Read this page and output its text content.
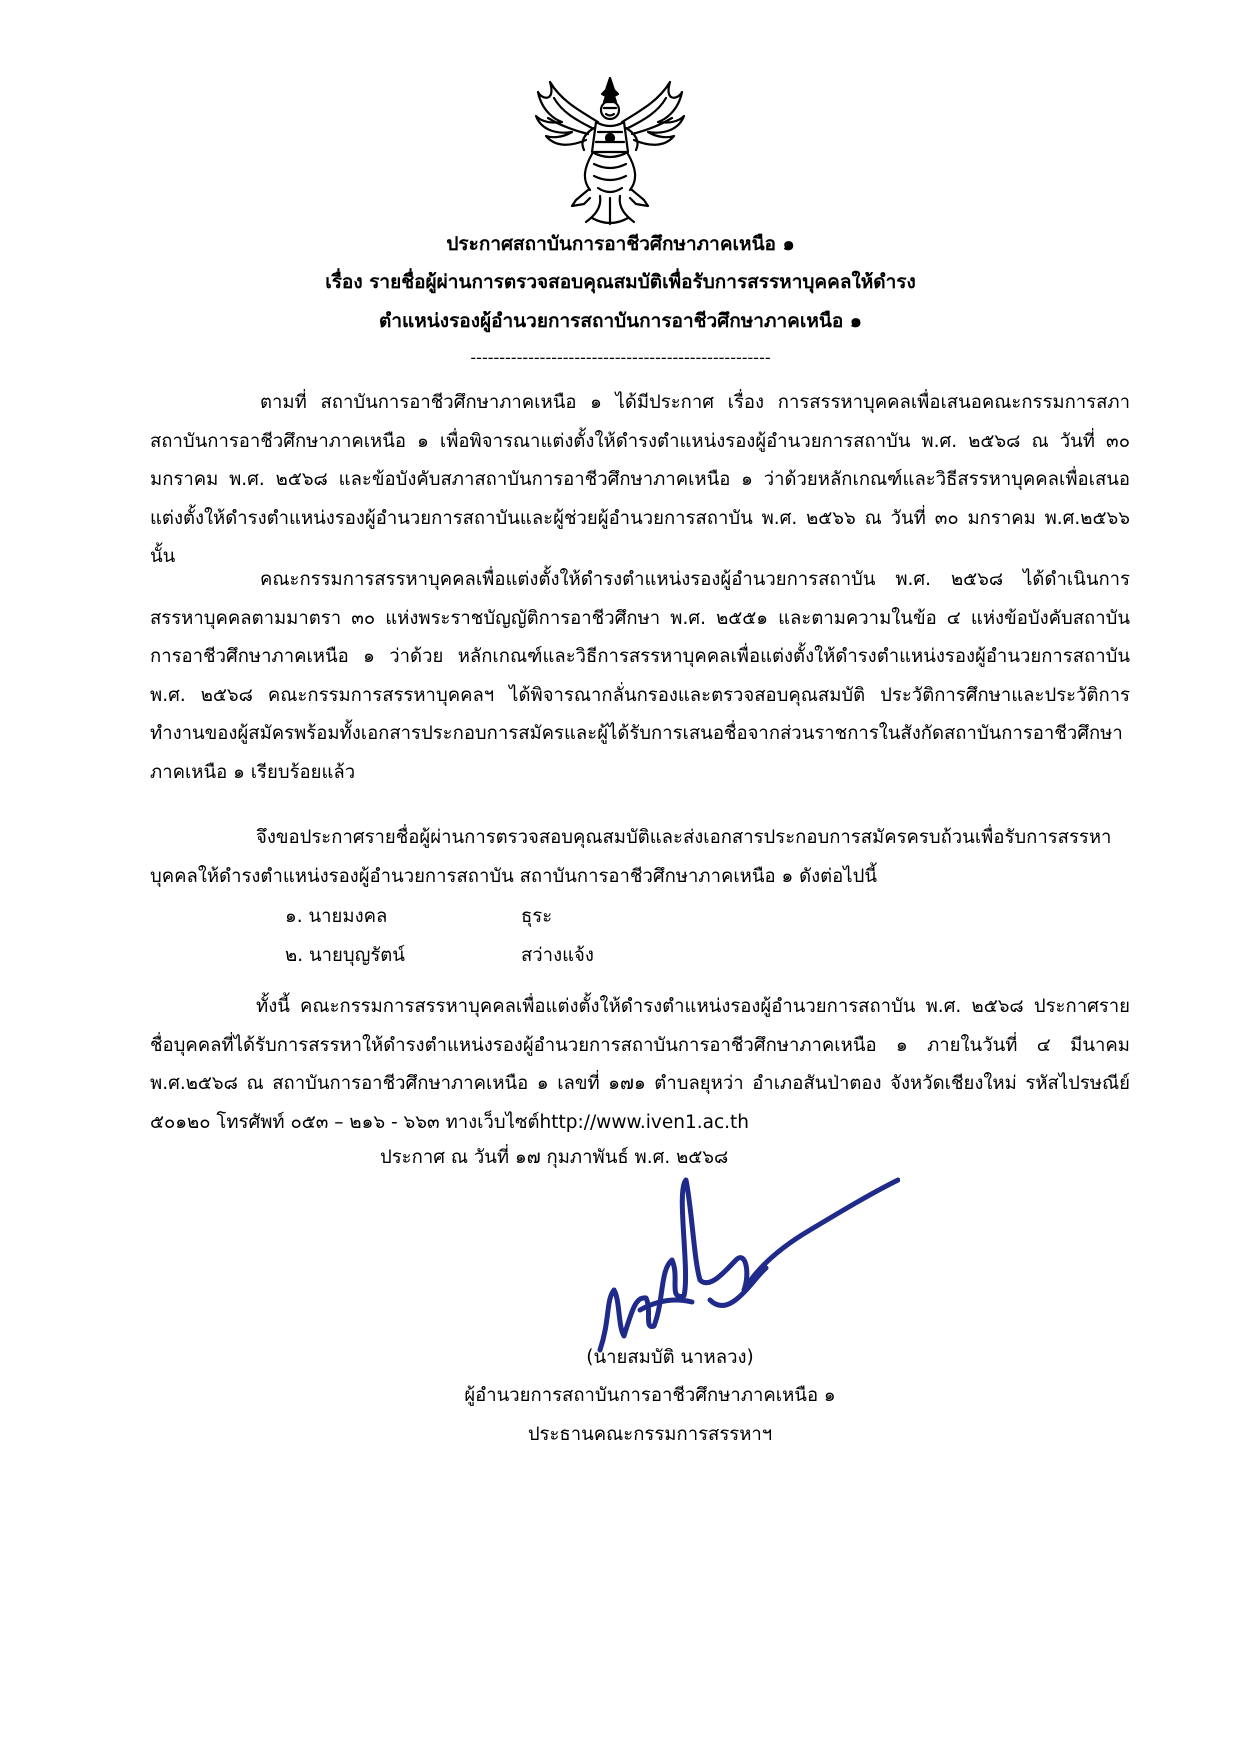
ประกาศสถาบันการอาชีวศึกษาภาคเหนือ ๑
เรื่อง รายชื่อผู้ผ่านการตรวจสอบคุณสมบัติเพื่อรับการสรรหาบุคคลให้ดำรง
ตำแหน่งรองผู้อำนวยการสถาบันการอาชีวศึกษาภาคเหนือ ๑
----------------------------------------------------
ตามที่ สถาบันการอาชีวศึกษาภาคเหนือ ๑ ได้มีประกาศ เรื่อง การสรรหาบุคคลเพื่อเสนอคณะกรรมการสภาสถาบันการอาชีวศึกษาภาคเหนือ ๑ เพื่อพิจารณาแต่งตั้งให้ดำรงตำแหน่งรองผู้อำนวยการสถาบัน พ.ศ. ๒๕๖๘ ณ วันที่ ๓๐ มกราคม พ.ศ. ๒๕๖๘ และข้อบังคับสภาสถาบันการอาชีวศึกษาภาคเหนือ ๑ ว่าด้วยหลักเกณฑ์และวิธีสรรหาบุคคลเพื่อเสนอแต่งตั้งให้ดำรงตำแหน่งรองผู้อำนวยการสถาบันและผู้ช่วยผู้อำนวยการสถาบัน พ.ศ. ๒๕๖๖ ณ วันที่ ๓๐ มกราคม พ.ศ.๒๕๖๖ นั้น
คณะกรรมการสรรหาบุคคลเพื่อแต่งตั้งให้ดำรงตำแหน่งรองผู้อำนวยการสถาบัน พ.ศ. ๒๕๖๘ ได้ดำเนินการสรรหาบุคคลตามมาตรา ๓๐ แห่งพระราชบัญญัติการอาชีวศึกษา พ.ศ. ๒๕๕๑ และตามความในข้อ ๔ แห่งข้อบังคับสถาบันการอาชีวศึกษาภาคเหนือ ๑ ว่าด้วย หลักเกณฑ์และวิธีการสรรหาบุคคลเพื่อแต่งตั้งให้ดำรงตำแหน่งรองผู้อำนวยการสถาบัน พ.ศ. ๒๕๖๘ คณะกรรมการสรรหาบุคคลฯ ได้พิจารณากลั่นกรองและตรวจสอบคุณสมบัติ ประวัติการศึกษาและประวัติการทำงานของผู้สมัครพร้อมทั้งเอกสารประกอบการสมัครและผู้ได้รับการเสนอชื่อจากส่วนราชการในสังกัดสถาบันการอาชีวศึกษาภาคเหนือ ๑ เรียบร้อยแล้ว
จึงขอประกาศรายชื่อผู้ผ่านการตรวจสอบคุณสมบัติและส่งเอกสารประกอบการสมัครครบถ้วนเพื่อรับการสรรหาบุคคลให้ดำรงตำแหน่งรองผู้อำนวยการสถาบัน สถาบันการอาชีวศึกษาภาคเหนือ ๑ ดังต่อไปนี้
๑. นายมงคล	ธุระ
๒. นายบุญรัตน์	สว่างแจ้ง
ทั้งนี้ คณะกรรมการสรรหาบุคคลเพื่อแต่งตั้งให้ดำรงตำแหน่งรองผู้อำนวยการสถาบัน พ.ศ. ๒๕๖๘ ประกาศรายชื่อบุคคลที่ได้รับการสรรหาให้ดำรงตำแหน่งรองผู้อำนวยการสถาบันการอาชีวศึกษาภาคเหนือ ๑ ภายในวันที่ ๔ มีนาคม พ.ศ.๒๕๖๘ ณ สถาบันการอาชีวศึกษาภาคเหนือ ๑ เลขที่ ๑๗๑ ตำบลยุหว่า อำเภอสันป่าตอง จังหวัดเชียงใหม่ รหัสไปรษณีย์ ๕๐๑๒๐ โทรศัพท์ ๐๕๓ – ๒๑๖ - ๖๖๓ ทางเว็บไซต์http://www.iven1.ac.th
ประกาศ ณ วันที่ ๑๗ กุมภาพันธ์ พ.ศ. ๒๕๖๘
(นายสมบัติ นาหลวง)
ผู้อำนวยการสถาบันการอาชีวศึกษาภาคเหนือ ๑
ประธานคณะกรรมการสรรหาฯ
